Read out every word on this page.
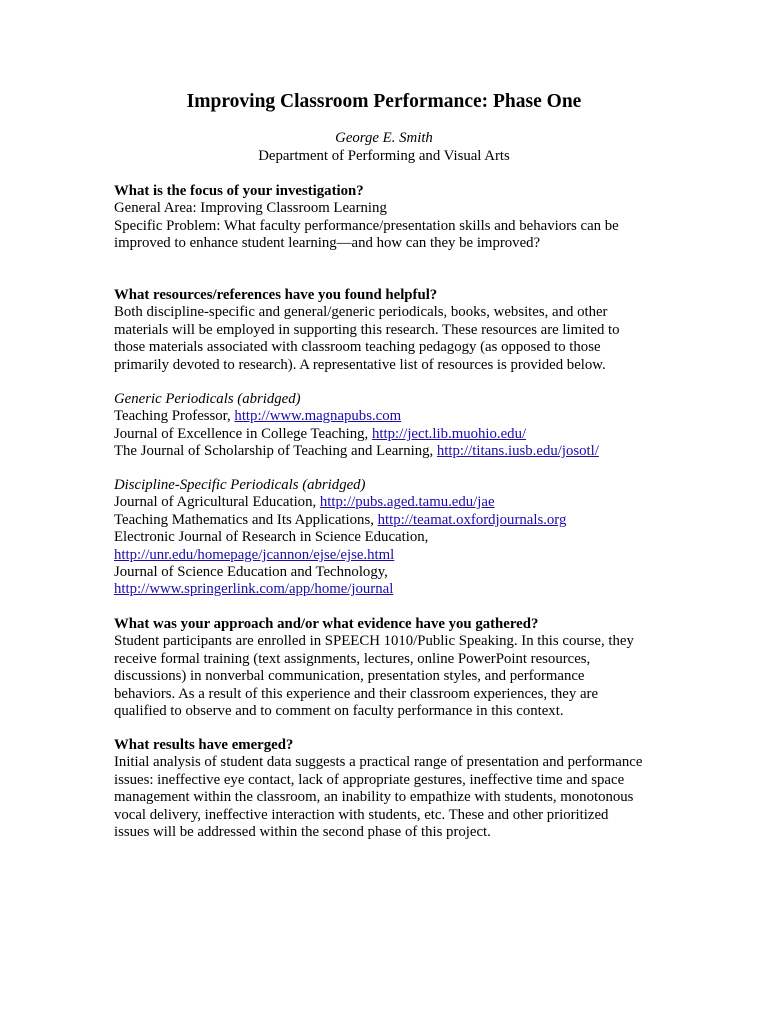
Improving Classroom Performance: Phase One
George E. Smith
Department of Performing and Visual Arts
What is the focus of your investigation?
General Area: Improving Classroom Learning
Specific Problem: What faculty performance/presentation skills and behaviors can be
improved to enhance student learning—and how can they be improved?
What resources/references have you found helpful?
Both discipline-specific and general/generic periodicals, books, websites, and other
materials will be employed in supporting this research. These resources are limited to
those materials associated with classroom teaching pedagogy (as opposed to those
primarily devoted to research). A representative list of resources is provided below.
Generic Periodicals (abridged)
Teaching Professor, http://www.magnapubs.com
Journal of Excellence in College Teaching, http://ject.lib.muohio.edu/
The Journal of Scholarship of Teaching and Learning, http://titans.iusb.edu/josotl/
Discipline-Specific Periodicals (abridged)
Journal of Agricultural Education, http://pubs.aged.tamu.edu/jae
Teaching Mathematics and Its Applications, http://teamat.oxfordjournals.org
Electronic Journal of Research in Science Education,
http://unr.edu/homepage/jcannon/ejse/ejse.html
Journal of Science Education and Technology,
http://www.springerlink.com/app/home/journal
What was your approach and/or what evidence have you gathered?
Student participants are enrolled in SPEECH 1010/Public Speaking. In this course, they
receive formal training (text assignments, lectures, online PowerPoint resources,
discussions) in nonverbal communication, presentation styles, and performance
behaviors. As a result of this experience and their classroom experiences, they are
qualified to observe and to comment on faculty performance in this context.
What results have emerged?
Initial analysis of student data suggests a practical range of presentation and performance
issues: ineffective eye contact, lack of appropriate gestures, ineffective time and space
management within the classroom, an inability to empathize with students, monotonous
vocal delivery, ineffective interaction with students, etc. These and other prioritized
issues will be addressed within the second phase of this project.
